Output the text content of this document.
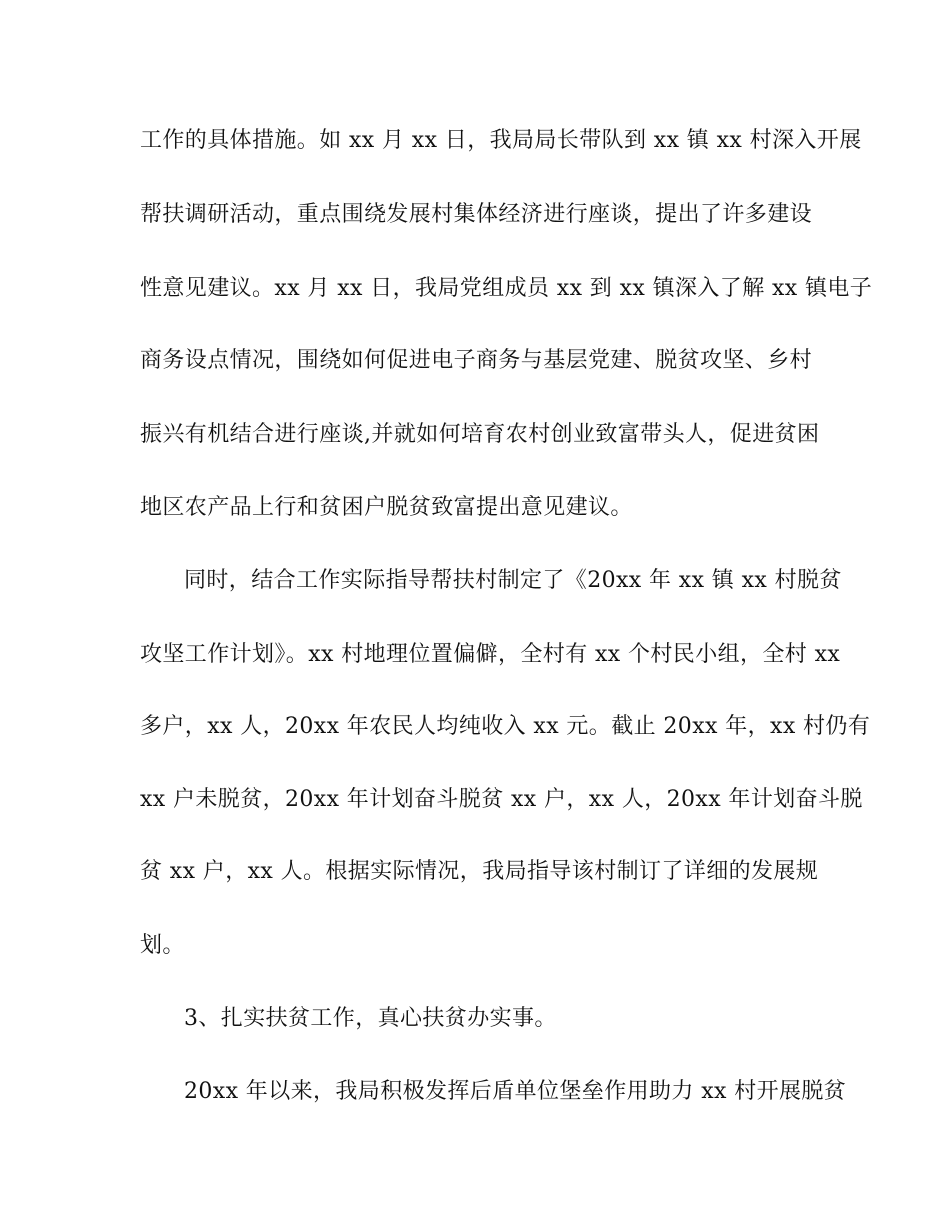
工作的具体措施。如 xx 月 xx 日，我局局长带队到 xx 镇 xx 村深入开展
帮扶调研活动，重点围绕发展村集体经济进行座谈，提出了许多建设
性意见建议。xx 月 xx 日，我局党组成员 xx 到 xx 镇深入了解 xx 镇电子
商务设点情况，围绕如何促进电子商务与基层党建、脱贫攻坚、乡村
振兴有机结合进行座谈,并就如何培育农村创业致富带头人，促进贫困
地区农产品上行和贫困户脱贫致富提出意见建议。
同时，结合工作实际指导帮扶村制定了《20xx 年 xx 镇 xx 村脱贫
攻坚工作计划》。xx 村地理位置偏僻，全村有 xx 个村民小组，全村 xx
多户，xx 人，20xx 年农民人均纯收入 xx 元。截止 20xx 年，xx 村仍有
xx 户未脱贫，20xx 年计划奋斗脱贫 xx 户，xx 人，20xx 年计划奋斗脱
贫 xx 户，xx 人。根据实际情况，我局指导该村制订了详细的发展规
划。
3、扎实扶贫工作，真心扶贫办实事。
20xx 年以来，我局积极发挥后盾单位堡垒作用助力 xx 村开展脱贫
